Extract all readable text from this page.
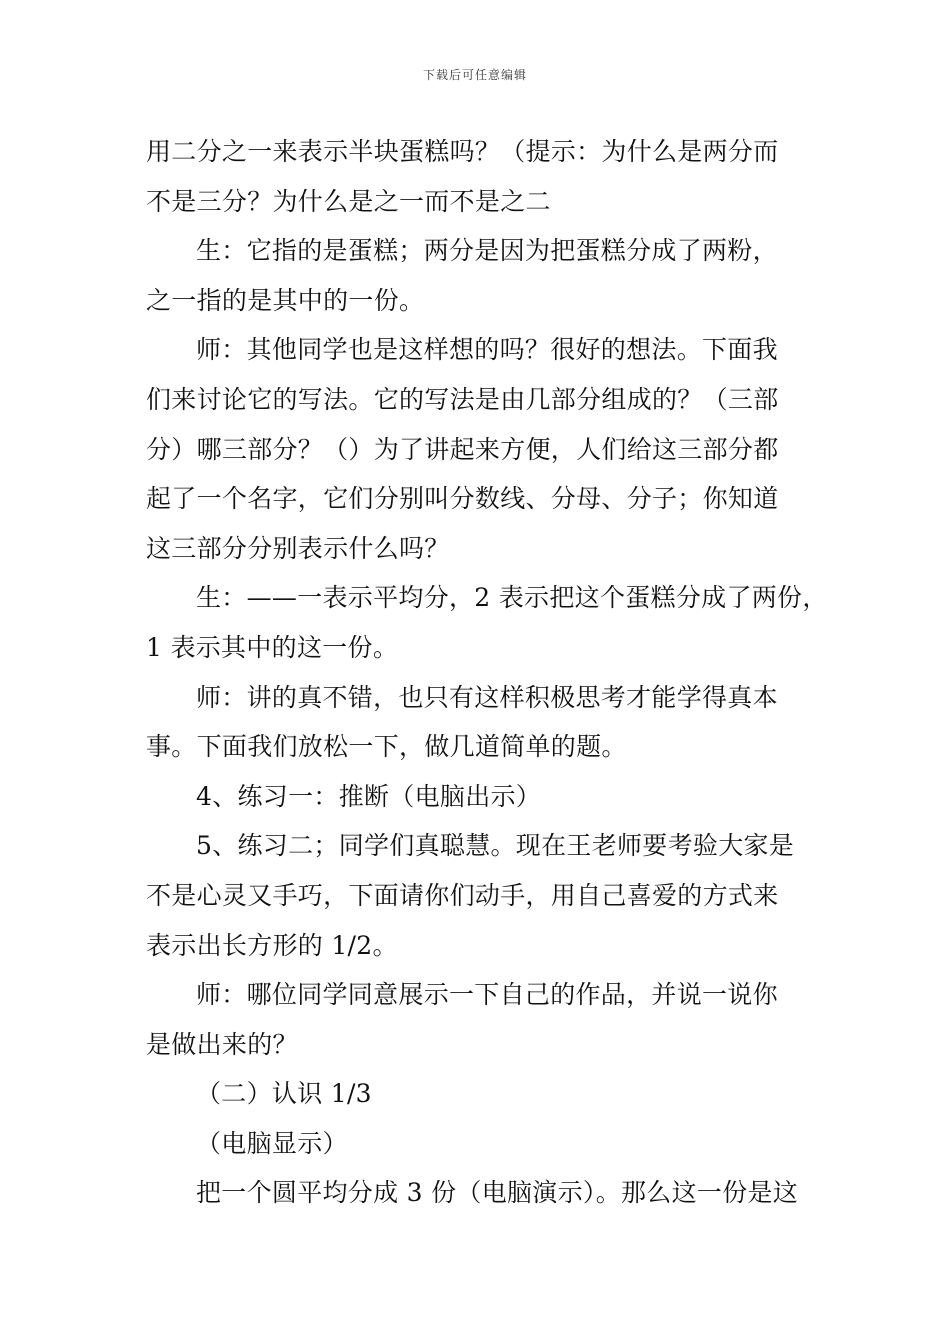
下载后可任意编辑

用二分之一来表示半块蛋糕吗？（提示：为什么是两分而

不是三分？为什么是之一而不是之二

生：它指的是蛋糕；两分是因为把蛋糕分成了两粉，

之一指的是其中的一份。

师：其他同学也是这样想的吗？很好的想法。下面我

们来讨论它的写法。它的写法是由几部分组成的？（三部

分）哪三部分？（）为了讲起来方便，人们给这三部分都

起了一个名字，它们分别叫分数线、分母、分子；你知道

这三部分分别表示什么吗？

生：——一表示平均分，2 表示把这个蛋糕分成了两份，

1 表示其中的这一份。

师：讲的真不错，也只有这样积极思考才能学得真本

事。下面我们放松一下，做几道简单的题。

4、练习一：推断（电脑出示）

5、练习二；同学们真聪慧。现在王老师要考验大家是

不是心灵又手巧，下面请你们动手，用自己喜爱的方式来

表示出长方形的 1/2。

师：哪位同学同意展示一下自己的作品，并说一说你

是做出来的？

（二）认识 1/3

（电脑显示）

把一个圆平均分成 3 份（电脑演示）。那么这一份是这
